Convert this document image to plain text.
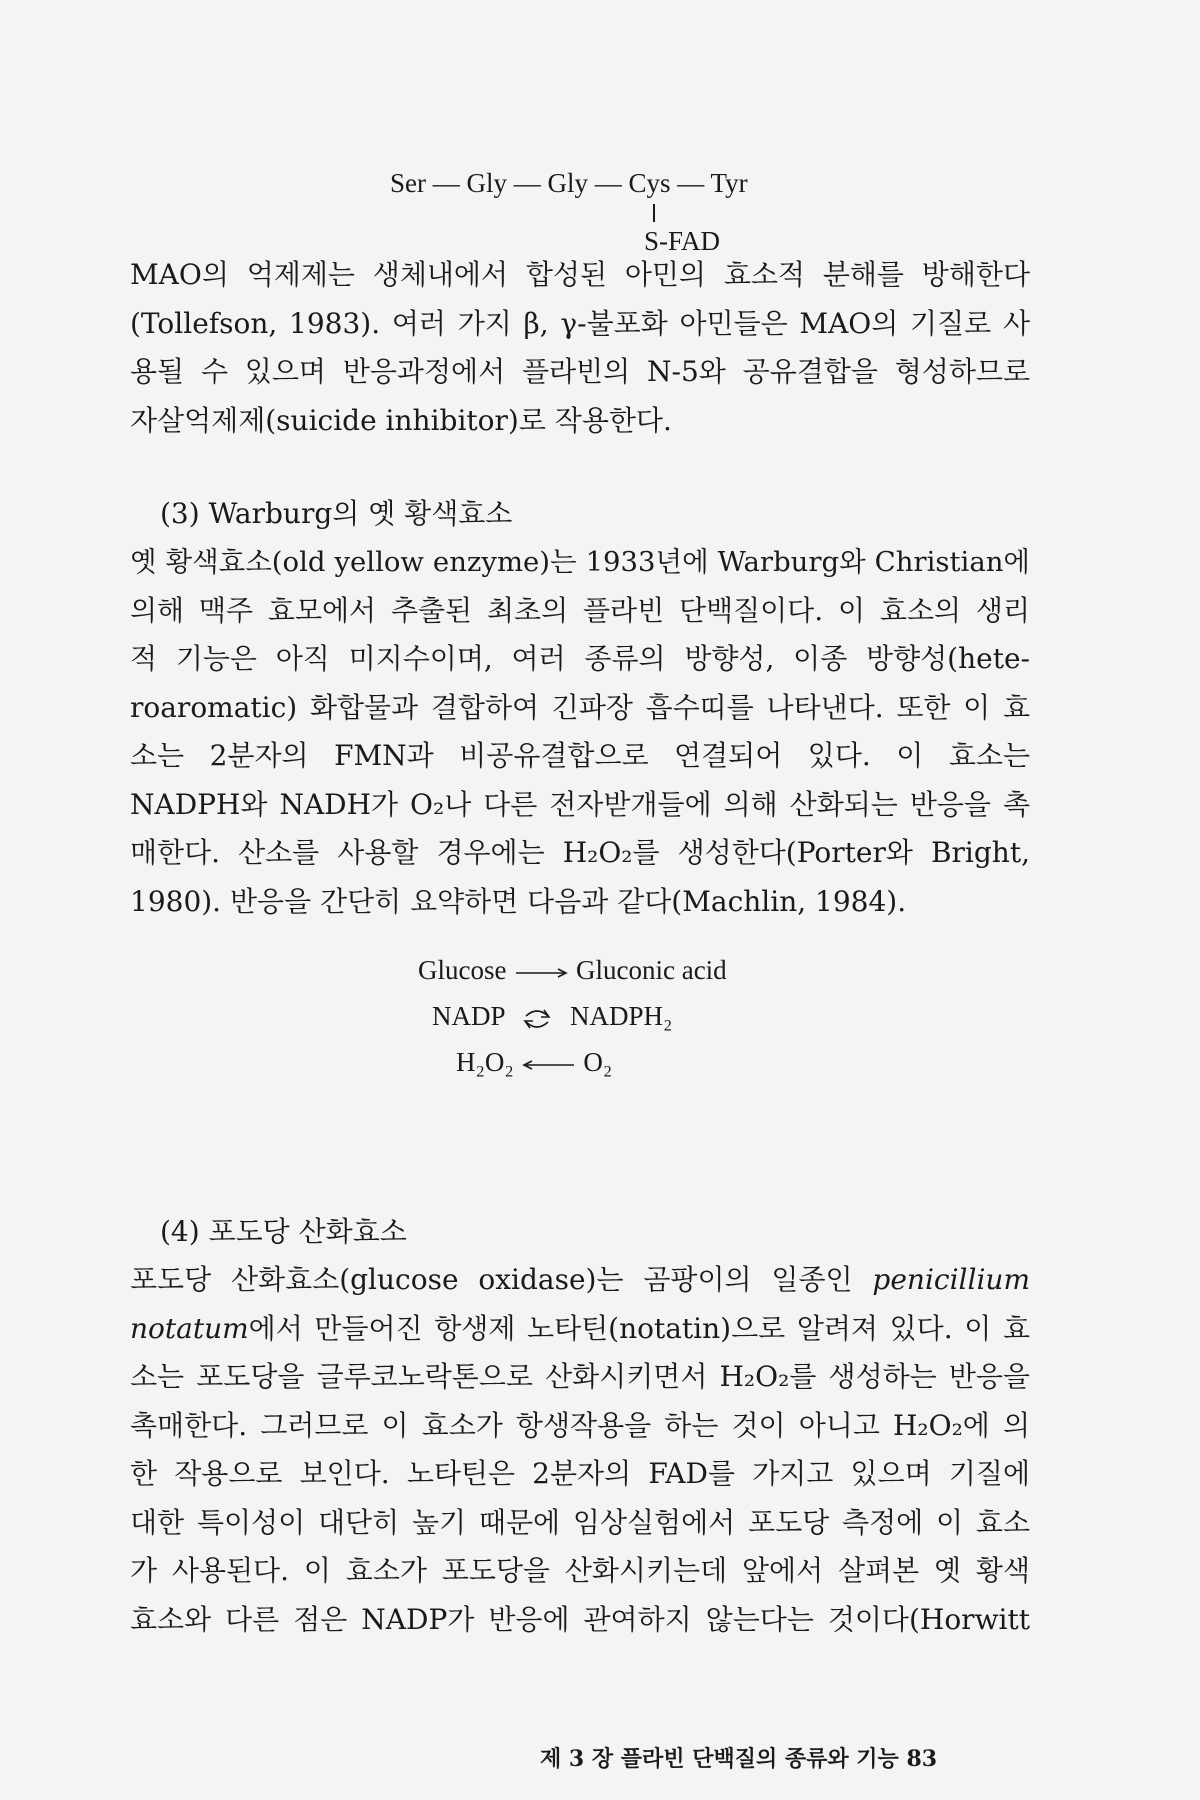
Ser — Gly — Gly — Cys — Tyr
S-FAD
MAO의 억제제는 생체내에서 합성된 아민의 효소적 분해를 방해한다
(Tollefson, 1983). 여러 가지 β, γ-불포화 아민들은 MAO의 기질로 사
용될 수 있으며 반응과정에서 플라빈의 N-5와 공유결합을 형성하므로
자살억제제(suicide inhibitor)로 작용한다.
(3) Warburg의 옛 황색효소
옛 황색효소(old yellow enzyme)는 1933년에 Warburg와 Christian에
의해 맥주 효모에서 추출된 최초의 플라빈 단백질이다. 이 효소의 생리
적 기능은 아직 미지수이며, 여러 종류의 방향성, 이종 방향성(hete-
roaromatic) 화합물과 결합하여 긴파장 흡수띠를 나타낸다. 또한 이 효
소는 2분자의 FMN과 비공유결합으로 연결되어 있다. 이 효소는
NADPH와 NADH가 O₂나 다른 전자받개들에 의해 산화되는 반응을 촉
매한다. 산소를 사용할 경우에는 H₂O₂를 생성한다(Porter와 Bright,
1980). 반응을 간단히 요약하면 다음과 같다(Machlin, 1984).
Glucose	Gluconic acid
NADP NADPH₂
H₂O₂	O₂
(4) 포도당 산화효소
포도당 산화효소(glucose oxidase)는 곰팡이의 일종인 penicillium
notatum에서 만들어진 항생제 노타틴(notatin)으로 알려져 있다. 이 효
소는 포도당을 글루코노락톤으로 산화시키면서 H₂O₂를 생성하는 반응을
촉매한다. 그러므로 이 효소가 항생작용을 하는 것이 아니고 H₂O₂에 의
한 작용으로 보인다. 노타틴은 2분자의 FAD를 가지고 있으며 기질에
대한 특이성이 대단히 높기 때문에 임상실험에서 포도당 측정에 이 효소
가 사용된다. 이 효소가 포도당을 산화시키는데 앞에서 살펴본 옛 황색
효소와 다른 점은 NADP가 반응에 관여하지 않는다는 것이다(Horwitt
제 3 장 플라빈 단백질의 종류와 기능 83
